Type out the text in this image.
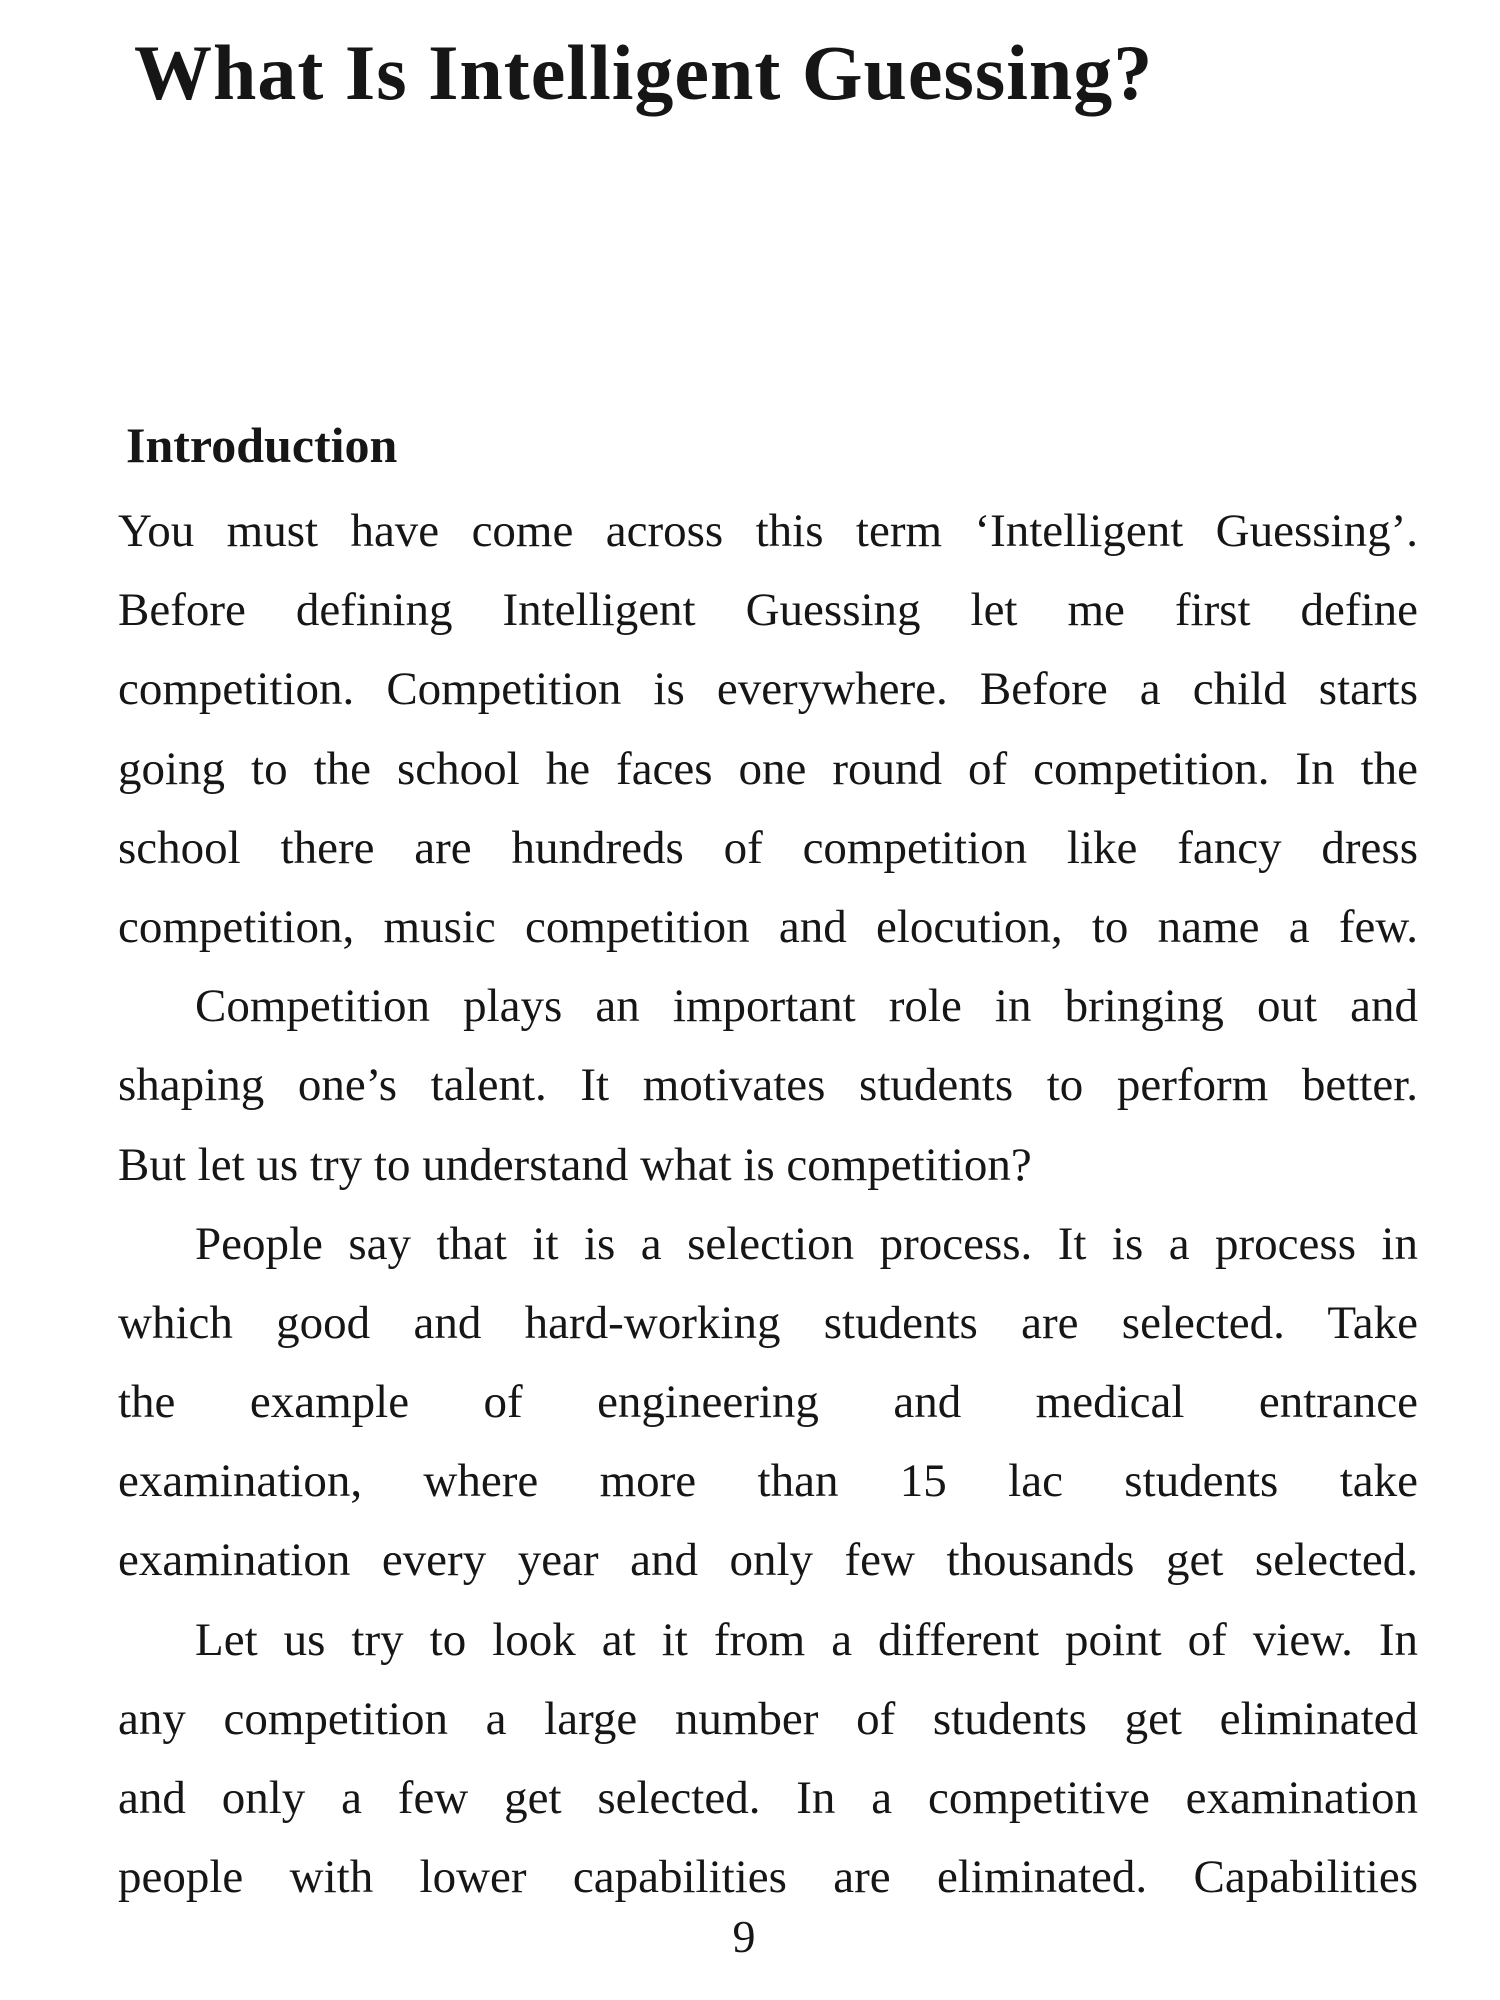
What Is Intelligent Guessing?
Introduction
You must have come across this term ‘Intelligent Guessing’.
Before defining Intelligent Guessing let me first define
competition. Competition is everywhere. Before a child starts
going to the school he faces one round of competition. In the
school there are hundreds of competition like fancy dress
competition, music competition and elocution, to name a few.
Competition plays an important role in bringing out and
shaping one’s talent. It motivates students to perform better.
But let us try to understand what is competition?
People say that it is a selection process. It is a process in
which good and hard-working students are selected. Take
the example of engineering and medical entrance
examination, where more than 15 lac students take
examination every year and only few thousands get selected.
Let us try to look at it from a different point of view. In
any competition a large number of students get eliminated
and only a few get selected. In a competitive examination
people with lower capabilities are eliminated. Capabilities
9
